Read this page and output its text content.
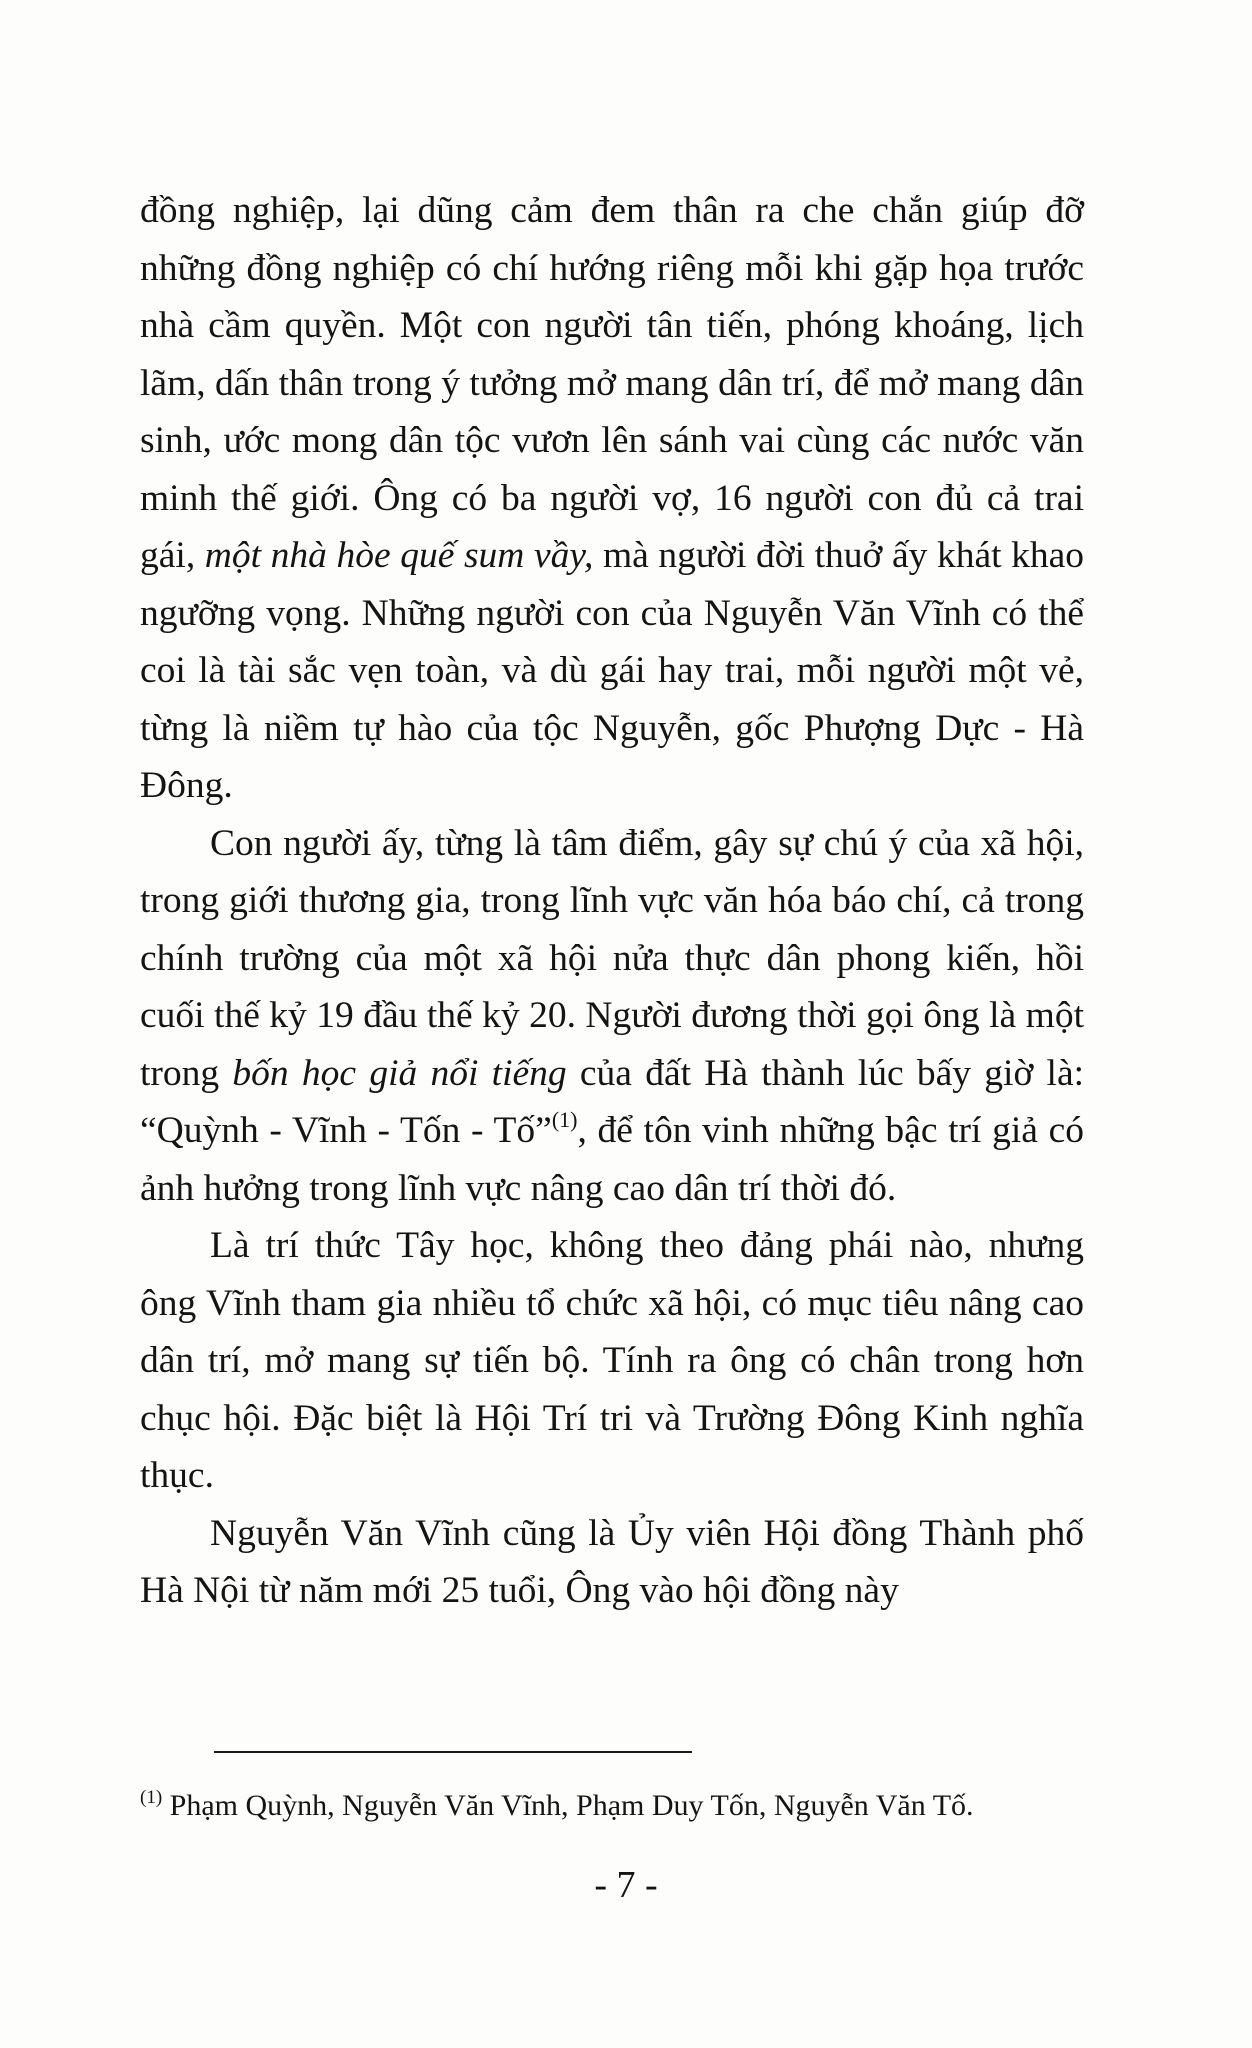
đồng nghiệp, lại dũng cảm đem thân ra che chắn giúp đỡ những đồng nghiệp có chí hướng riêng mỗi khi gặp họa trước nhà cầm quyền. Một con người tân tiến, phóng khoáng, lịch lãm, dấn thân trong ý tưởng mở mang dân trí, để mở mang dân sinh, ước mong dân tộc vươn lên sánh vai cùng các nước văn minh thế giới. Ông có ba người vợ, 16 người con đủ cả trai gái, một nhà hòe quế sum vầy, mà người đời thuở ấy khát khao ngưỡng vọng. Những người con của Nguyễn Văn Vĩnh có thể coi là tài sắc vẹn toàn, và dù gái hay trai, mỗi người một vẻ, từng là niềm tự hào của tộc Nguyễn, gốc Phượng Dực - Hà Đông.

Con người ấy, từng là tâm điểm, gây sự chú ý của xã hội, trong giới thương gia, trong lĩnh vực văn hóa báo chí, cả trong chính trường của một xã hội nửa thực dân phong kiến, hồi cuối thế kỷ 19 đầu thế kỷ 20. Người đương thời gọi ông là một trong bốn học giả nổi tiếng của đất Hà thành lúc bấy giờ là: “Quỳnh - Vĩnh - Tốn - Tố”$^{(1)}$, để tôn vinh những bậc trí giả có ảnh hưởng trong lĩnh vực nâng cao dân trí thời đó.

Là trí thức Tây học, không theo đảng phái nào, nhưng ông Vĩnh tham gia nhiều tổ chức xã hội, có mục tiêu nâng cao dân trí, mở mang sự tiến bộ. Tính ra ông có chân trong hơn chục hội. Đặc biệt là Hội Trí tri và Trường Đông Kinh nghĩa thục.

Nguyễn Văn Vĩnh cũng là Ủy viên Hội đồng Thành phố Hà Nội từ năm mới 25 tuổi, Ông vào hội đồng này

$^{(1)}$ Phạm Quỳnh, Nguyễn Văn Vĩnh, Phạm Duy Tốn, Nguyễn Văn Tố.
- 7 -
